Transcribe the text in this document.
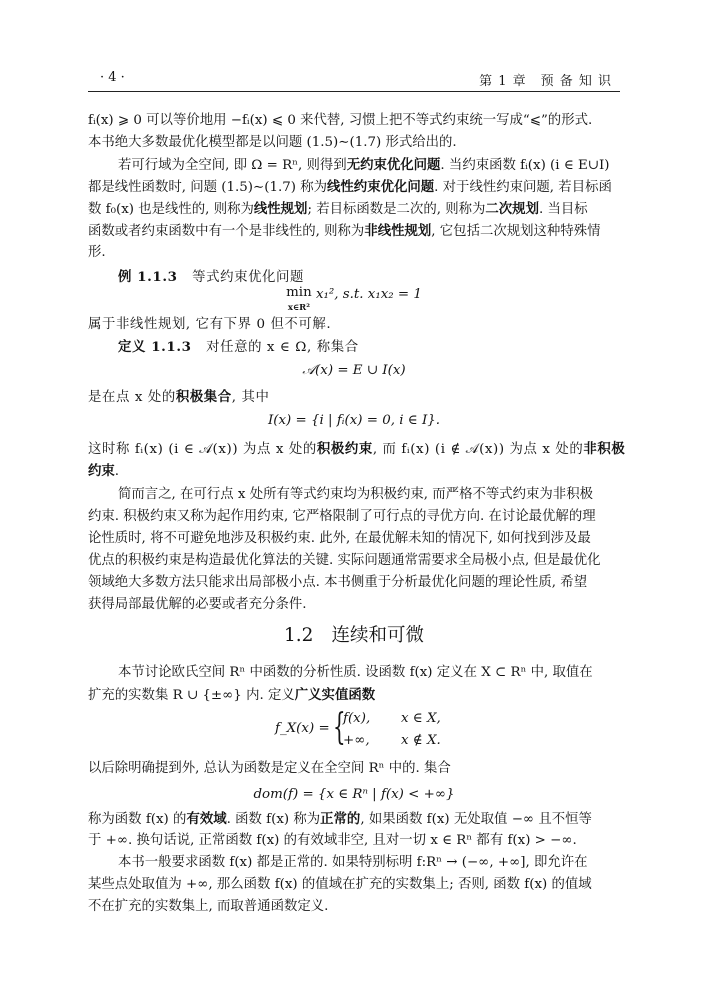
· 4 ·	第 1 章　预 备 知 识
fᵢ(x) ⩾ 0 可以等价地用 −fᵢ(x) ⩽ 0 来代替, 习惯上把不等式约束统一写成“⩽”的形式.
本书绝大多数最优化模型都是以问题 (1.5)∼(1.7) 形式给出的.
若可行域为全空间, 即 Ω = Rⁿ, 则得到无约束优化问题. 当约束函数 fᵢ(x) (i ∈ E∪I)
都是线性函数时, 问题 (1.5)∼(1.7) 称为线性约束优化问题. 对于线性约束问题, 若目标函
数 f₀(x) 也是线性的, 则称为线性规划; 若目标函数是二次的, 则称为二次规划. 当目标
函数或者约束函数中有一个是非线性的, 则称为非线性规划, 它包括二次规划这种特殊情
形.
例 1.1.3 等式约束优化问题
min
x∈R² x₁², s.t. x₁x₂ = 1
属于非线性规划, 它有下界 0 但不可解.
定义 1.1.3 对任意的 x ∈ Ω, 称集合
𝒜(x) = E ∪ I(x)
是在点 x 处的积极集合, 其中
I(x) = {i | fᵢ(x) = 0, i ∈ I}.
这时称 fᵢ(x) (i ∈ 𝒜(x)) 为点 x 处的积极约束, 而 fᵢ(x) (i ∉ 𝒜(x)) 为点 x 处的非积极
约束.
简而言之, 在可行点 x 处所有等式约束均为积极约束, 而严格不等式约束为非积极
约束. 积极约束又称为起作用约束, 它严格限制了可行点的寻优方向. 在讨论最优解的理
论性质时, 将不可避免地涉及积极约束. 此外, 在最优解未知的情况下, 如何找到涉及最
优点的积极约束是构造最优化算法的关键. 实际问题通常需要求全局极小点, 但是最优化
领域绝大多数方法只能求出局部极小点. 本书侧重于分析最优化问题的理论性质, 希望
获得局部最优解的必要或者充分条件.
1.2 连续和可微
本节讨论欧氏空间 Rⁿ 中函数的分析性质. 设函数 f(x) 定义在 X ⊂ Rⁿ 中, 取值在
扩充的实数集 R ∪ {±∞} 内. 定义广义实值函数
f_X(x) = {
f(x), x ∈ X,
+∞, x ∉ X.
以后除明确提到外, 总认为函数是定义在全空间 Rⁿ 中的. 集合
dom(f) = {x ∈ Rⁿ | f(x) < +∞}
称为函数 f(x) 的有效域. 函数 f(x) 称为正常的, 如果函数 f(x) 无处取值 −∞ 且不恒等
于 +∞. 换句话说, 正常函数 f(x) 的有效域非空, 且对一切 x ∈ Rⁿ 都有 f(x) > −∞.
本书一般要求函数 f(x) 都是正常的. 如果特别标明 f:Rⁿ → (−∞, +∞], 即允许在
某些点处取值为 +∞, 那么函数 f(x) 的值域在扩充的实数集上; 否则, 函数 f(x) 的值域
不在扩充的实数集上, 而取普通函数定义.
